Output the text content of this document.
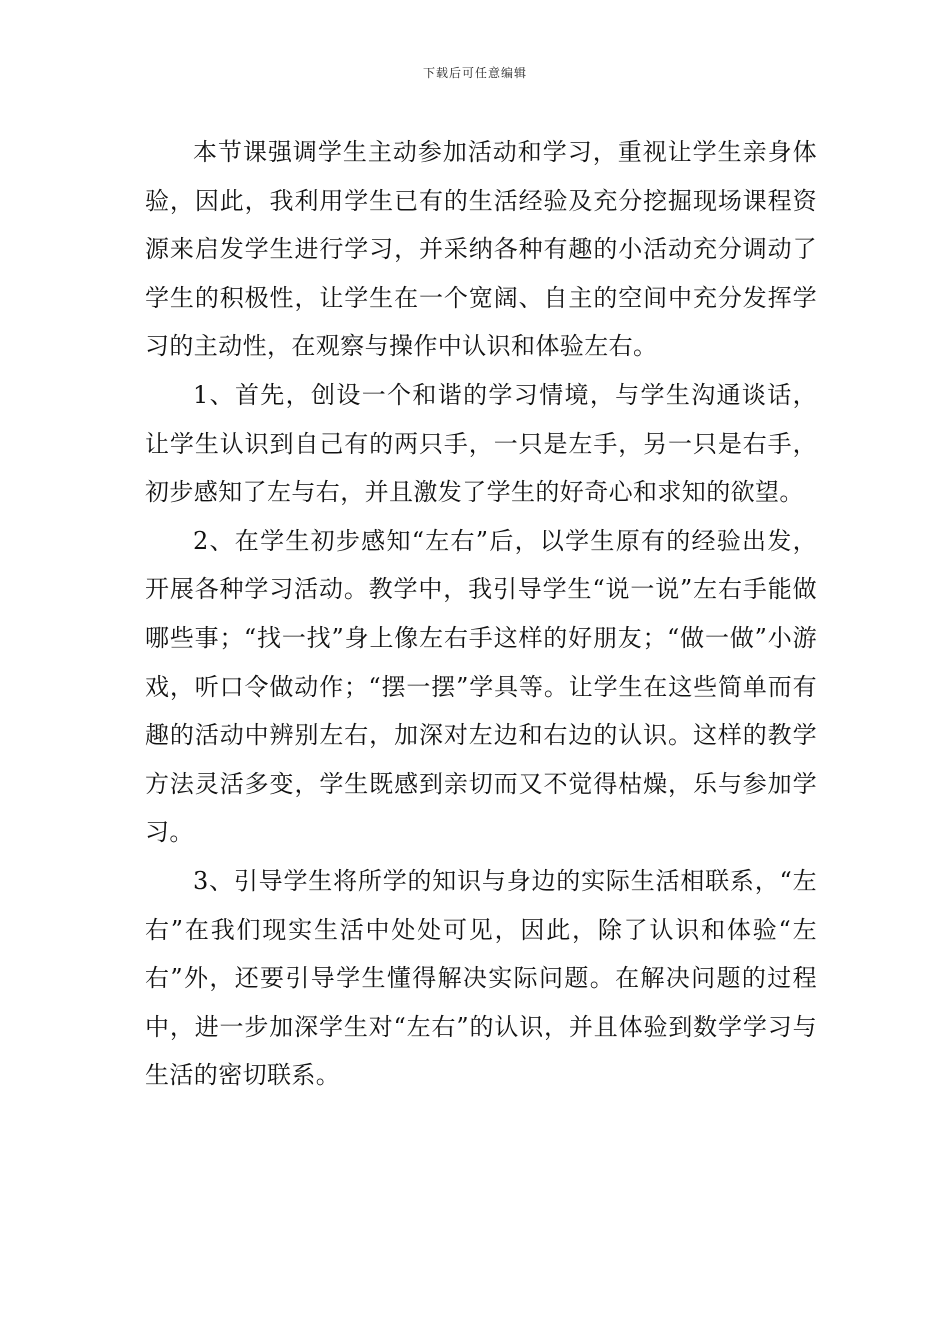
下载后可任意编辑

本节课强调学生主动参加活动和学习，重视让学生亲身体验，因此，我利用学生已有的生活经验及充分挖掘现场课程资源来启发学生进行学习，并采纳各种有趣的小活动充分调动了学生的积极性，让学生在一个宽阔、自主的空间中充分发挥学习的主动性，在观察与操作中认识和体验左右。

1、首先，创设一个和谐的学习情境，与学生沟通谈话，让学生认识到自己有的两只手，一只是左手，另一只是右手，初步感知了左与右，并且激发了学生的好奇心和求知的欲望。

2、在学生初步感知“左右”后，以学生原有的经验出发，开展各种学习活动。教学中，我引导学生“说一说”左右手能做哪些事；“找一找”身上像左右手这样的好朋友；“做一做”小游戏，听口令做动作；“摆一摆”学具等。让学生在这些简单而有趣的活动中辨别左右，加深对左边和右边的认识。这样的教学方法灵活多变，学生既感到亲切而又不觉得枯燥，乐与参加学习。

3、引导学生将所学的知识与身边的实际生活相联系，“左右”在我们现实生活中处处可见，因此，除了认识和体验“左右”外，还要引导学生懂得解决实际问题。在解决问题的过程中，进一步加深学生对“左右”的认识，并且体验到数学学习与生活的密切联系。
